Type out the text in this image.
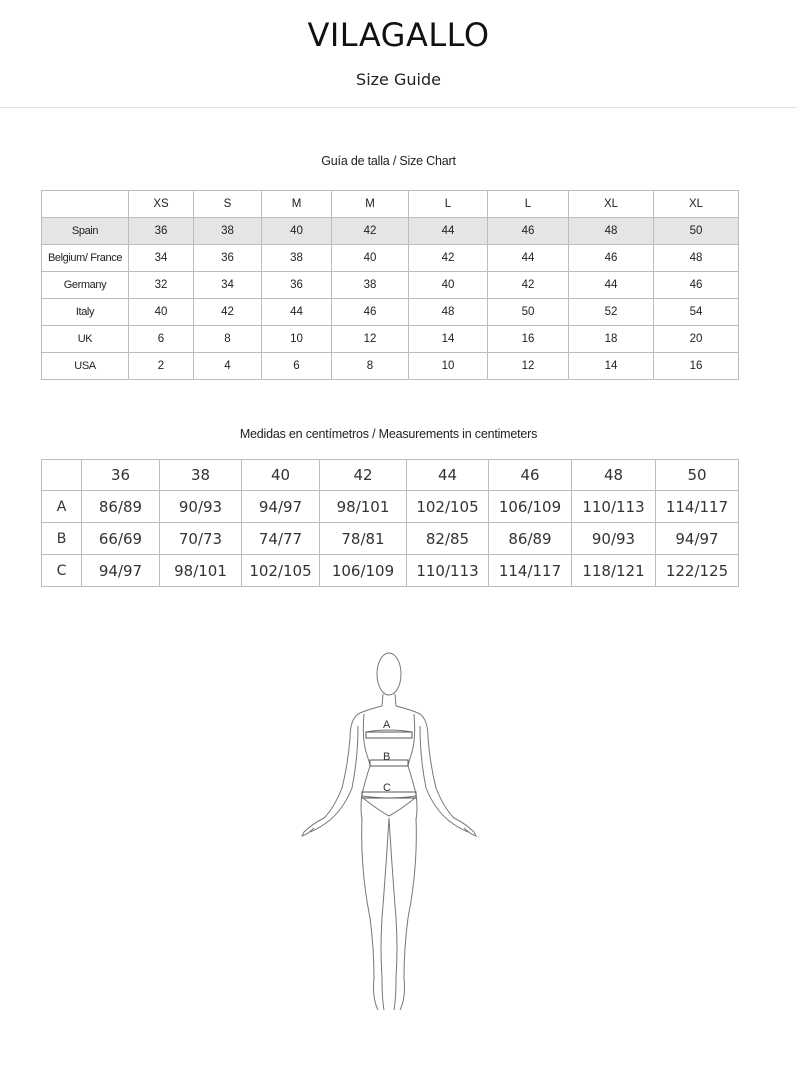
VILAGALLO
Size Guide
Guía de talla / Size Chart
	XS	S	M	M	L	L	XL	XL
Spain	36	38	40	42	44	46	48	50
Belgium/ France	34	36	38	40	42	44	46	48
Germany	32	34	36	38	40	42	44	46
Italy	40	42	44	46	48	50	52	54
UK	6	8	10	12	14	16	18	20
USA	2	4	6	8	10	12	14	16
Medidas en centímetros / Measurements in centimeters
	36	38	40	42	44	46	48	50
A	86/89	90/93	94/97	98/101	102/105	106/109	110/113	114/117
B	66/69	70/73	74/77	78/81	82/85	86/89	90/93	94/97
C	94/97	98/101	102/105	106/109	110/113	114/117	118/121	122/125
A
B
C
